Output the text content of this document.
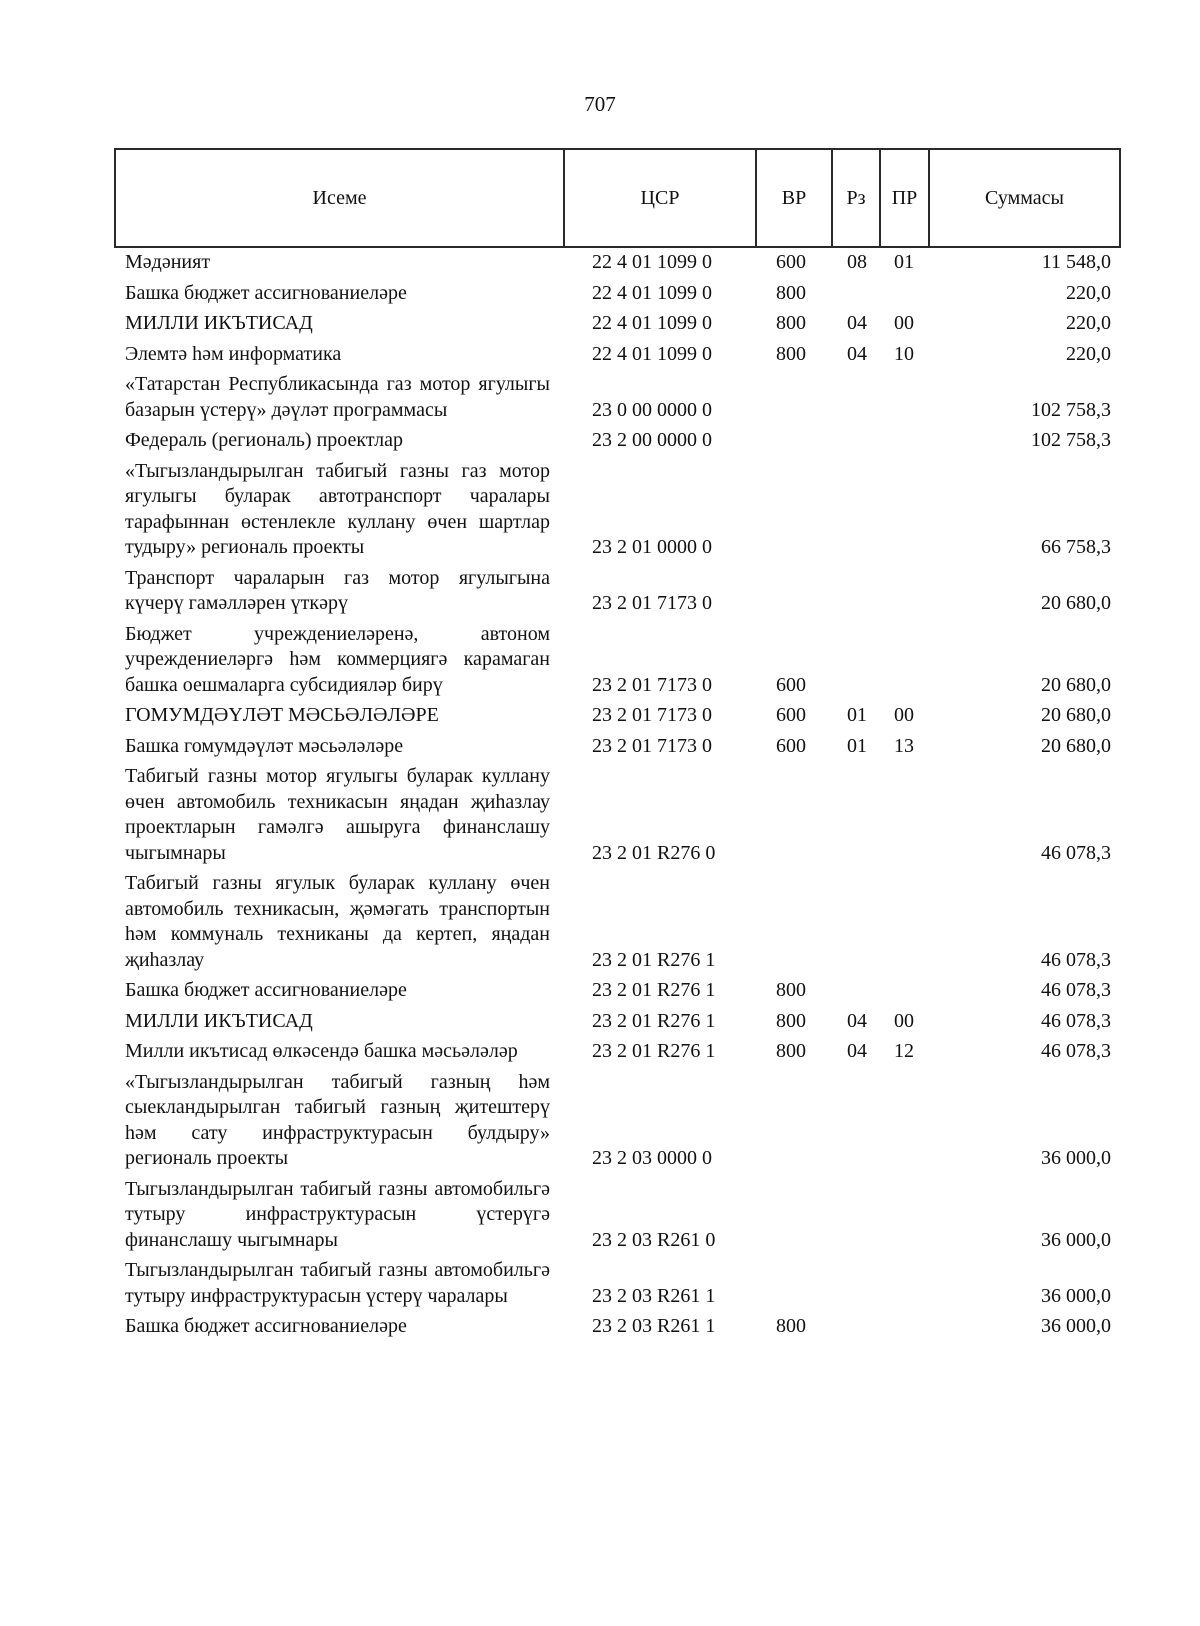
707
Исеме	ЦСР	ВР	Рз	ПР	Суммасы
Мәдәният	22 4 01 1099 0	600	08	01	11 548,0
Башка бюджет ассигнованиеләре	22 4 01 1099 0	800			220,0
МИЛЛИ ИКЪТИСАД	22 4 01 1099 0	800	04	00	220,0
Элемтә һәм информатика	22 4 01 1099 0	800	04	10	220,0
«Татарстан Республикасында газ мотор ягулыгы базарын үстерү» дәүләт программасы	23 0 00 0000 0				102 758,3
Федераль (региональ) проектлар	23 2 00 0000 0				102 758,3
«Тыгызландырылган табигый газны газ мотор ягулыгы буларак автотранспорт чаралары тарафыннан өстенлекле куллану өчен шартлар тудыру» региональ проекты	23 2 01 0000 0				66 758,3
Транспорт чараларын газ мотор ягулыгына күчерү гамәлләрен үткәрү	23 2 01 7173 0				20 680,0
Бюджет учреждениеләренә, автоном учреждениеләргә һәм коммерциягә карамаган башка оешмаларга субсидияләр бирү	23 2 01 7173 0	600			20 680,0
ГОМУМДӘҮЛӘТ МӘСЬӘЛӘЛӘРЕ	23 2 01 7173 0	600	01	00	20 680,0
Башка гомумдәүләт мәсьәләләре	23 2 01 7173 0	600	01	13	20 680,0
Табигый газны мотор ягулыгы буларак куллану өчен автомобиль техникасын яңадан җиһазлау проектларын гамәлгә ашыруга финанслашу чыгымнары	23 2 01 R276 0				46 078,3
Табигый газны ягулык буларак куллану өчен автомобиль техникасын, җәмәгать транспортын һәм коммуналь техниканы да кертеп, яңадан җиһазлау	23 2 01 R276 1				46 078,3
Башка бюджет ассигнованиеләре	23 2 01 R276 1	800			46 078,3
МИЛЛИ ИКЪТИСАД	23 2 01 R276 1	800	04	00	46 078,3
Милли икътисад өлкәсендә башка мәсьәләләр	23 2 01 R276 1	800	04	12	46 078,3
«Тыгызландырылган табигый газның һәм сыекландырылган табигый газның җитештерү һәм сату инфраструктурасын булдыру» региональ проекты	23 2 03 0000 0				36 000,0
Тыгызландырылган табигый газны автомобильгә тутыру инфраструктурасын үстерүгә финанслашу чыгымнары	23 2 03 R261 0				36 000,0
Тыгызландырылган табигый газны автомобильгә тутыру инфраструктурасын үстерү чаралары	23 2 03 R261 1				36 000,0
Башка бюджет ассигнованиеләре	23 2 03 R261 1	800			36 000,0
